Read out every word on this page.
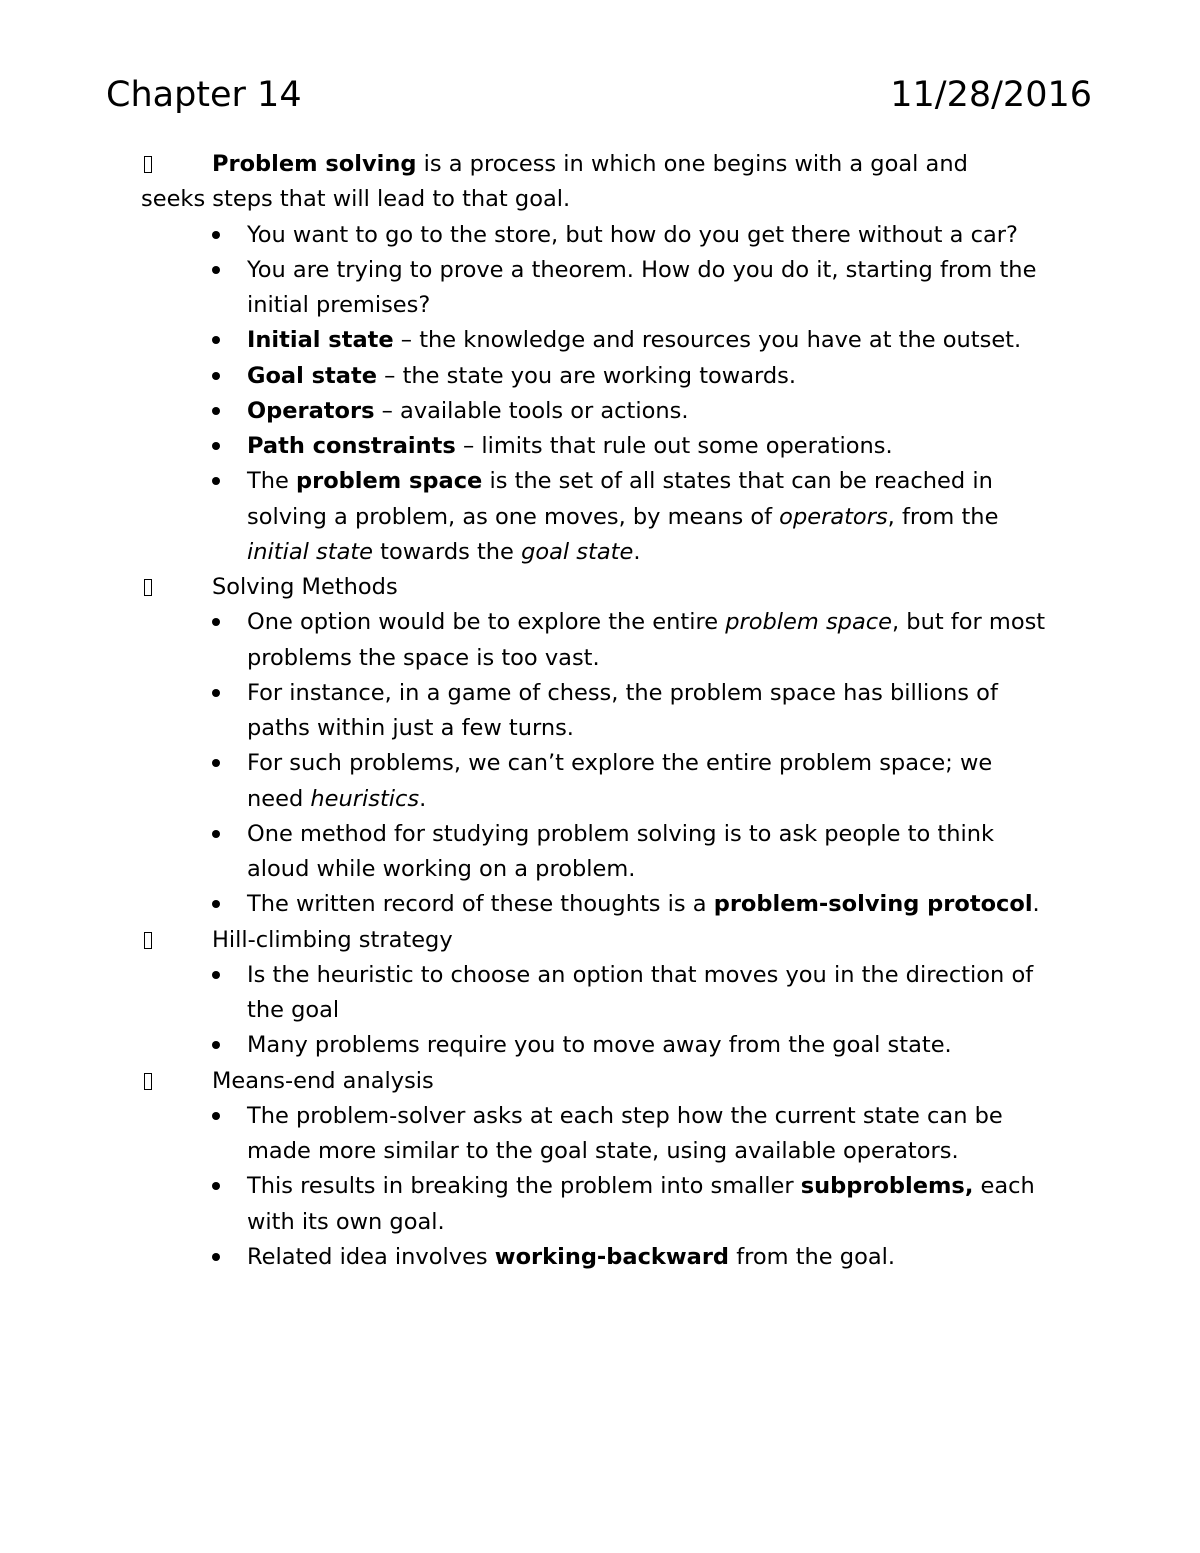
Chapter 14	11/28/2016
Problem solving is a process in which one begins with a goal and seeks steps that will lead to that goal.
You want to go to the store, but how do you get there without a car?
You are trying to prove a theorem. How do you do it, starting from the initial premises?
Initial state – the knowledge and resources you have at the outset.
Goal state – the state you are working towards.
Operators – available tools or actions.
Path constraints – limits that rule out some operations.
The problem space is the set of all states that can be reached in solving a problem, as one moves, by means of operators, from the initial state towards the goal state.
Solving Methods
One option would be to explore the entire problem space, but for most problems the space is too vast.
For instance, in a game of chess, the problem space has billions of paths within just a few turns.
For such problems, we can’t explore the entire problem space; we need heuristics.
One method for studying problem solving is to ask people to think aloud while working on a problem.
The written record of these thoughts is a problem-solving protocol.
Hill-climbing strategy
Is the heuristic to choose an option that moves you in the direction of the goal
Many problems require you to move away from the goal state.
Means-end analysis
The problem-solver asks at each step how the current state can be made more similar to the goal state, using available operators.
This results in breaking the problem into smaller subproblems, each with its own goal.
Related idea involves working-backward from the goal.
